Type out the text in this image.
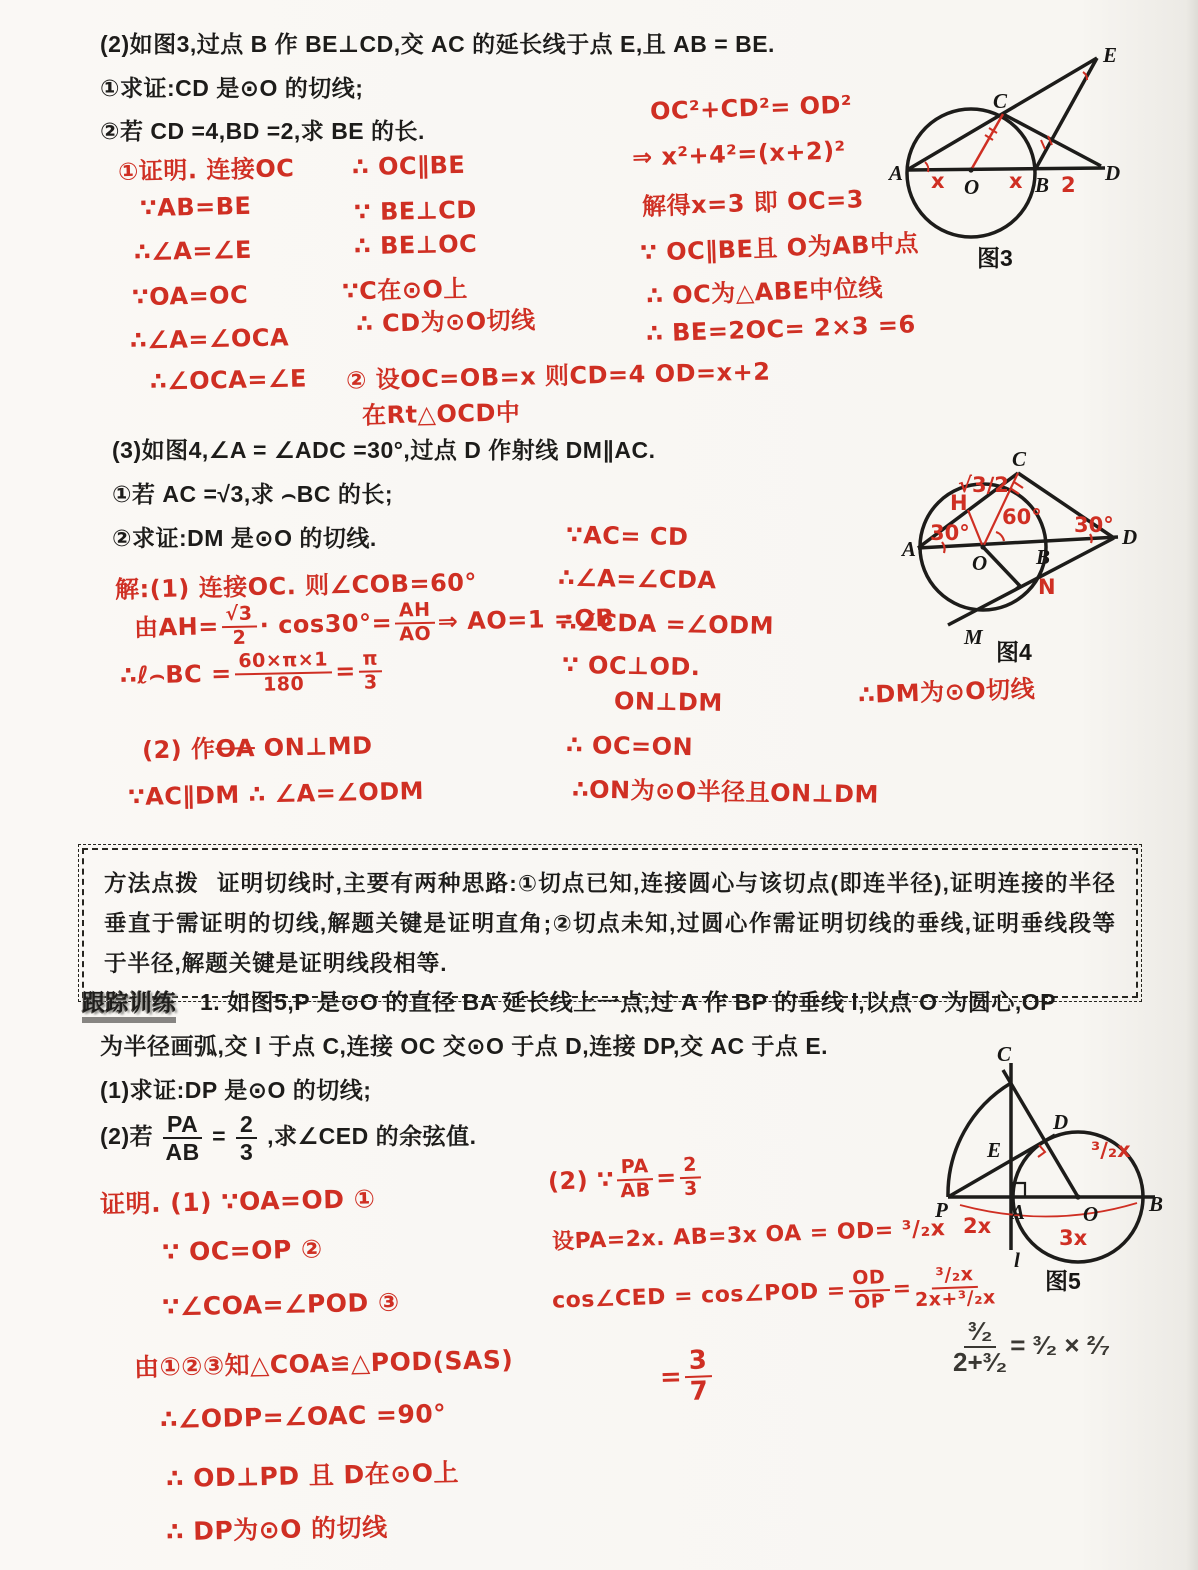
(2)如图3,过点 B 作 BE⊥CD,交 AC 的延长线于点 E,且 AB = BE.
①求证:CD 是⊙O 的切线;
②若 CD =4,BD =2,求 BE 的长.
①证明. 连接OC
∵AB=BE
∴∠A=∠E
∵OA=OC
∴∠A=∠OCA
∴∠OCA=∠E
∴ OC∥BE
∵ BE⊥CD
∴ BE⊥OC
∵C在⊙O上
∴ CD为⊙O切线
② 设OC=OB=x 则CD=4 OD=x+2
在Rt△OCD中
OC²+CD²= OD²
⇒ x²+4²=(x+2)²
解得x=3 即 OC=3
∵ OC∥BE且 O为AB中点
∴ OC为△ABE中位线
∴ BE=2OC= 2×3 =6
A
O	B	D
C
E
x	x 2
图3
(3)如图4,∠A = ∠ADC =30°,过点 D 作射线 DM∥AC.
①若 AC =√3,求 ⌢BC 的长;
②求证:DM 是⊙O 的切线.
解:(1) 连接OC. 则∠COB=60°
由$AH= \frac{√3}{2} \cdot \cos 30^\circ= \frac{AH}{AO}$ ⇒ AO=1 =OB
∴ℓ⌢BC = $\frac{60\times\pi\times 1}{180} = \frac{\pi}{3}$
(2) 作OA ON⊥MD
∵AC∥DM ∴ ∠A=∠ODM
∵AC= CD
∴∠A=∠CDA
∴∠CDA =∠ODM
∵ OC⊥OD.
ON⊥DM
∴ OC=ON
∴ON为⊙O半径且ON⊥DM
∴DM为⊙O切线
A
O B
C
D
M
H
√3∕2
30°
60° 30°
N
图4
方法点拨 证明切线时,主要有两种思路:①切点已知,连接圆心与该切点(即连半径),证明连接的半径垂直于需证明的切线,解题关键是证明直角;②切点未知,过圆心作需证明切线的垂线,证明垂线段等于半径,解题关键是证明线段相等.
跟踪训练 1. 如图5,P 是⊙O 的直径 BA 延长线上一点,过 A 作 BP 的垂线 l,以点 O 为圆心,OP
为半径画弧,交 l 于点 C,连接 OC 交⊙O 于点 D,连接 DP,交 AC 于点 E.
(1)求证:DP 是⊙O 的切线;
(2)若 $\frac{PA}{AB} = \frac{2}{3}$ ,求∠CED 的余弦值.
证明. (1) ∵OA=OD ①
∵ OC=OP ②
∵∠COA=∠POD ③
由①②③知△COA≌△POD(SAS)
∴∠ODP=∠OAC =90°
∴ OD⊥PD 且 D在⊙O上
∴ DP为⊙O 的切线
(2) ∵ $\frac{PA}{AB} = \frac{2}{3}$
设PA=2x. AB=3x OA = OD= ³∕₂x
cos∠CED = cos∠POD = $\frac{OD}{OP} = \frac{\text{³∕₂x}}{\text{2x+³∕₂x}}$
= $\frac{3}{7}$
C
D
E
P	A	O B
l
2x
³∕₂x
3x
图5
$\frac{\text{³∕₂}}{\text{2+³∕₂}}$ = ³∕₂ × ²∕₇
